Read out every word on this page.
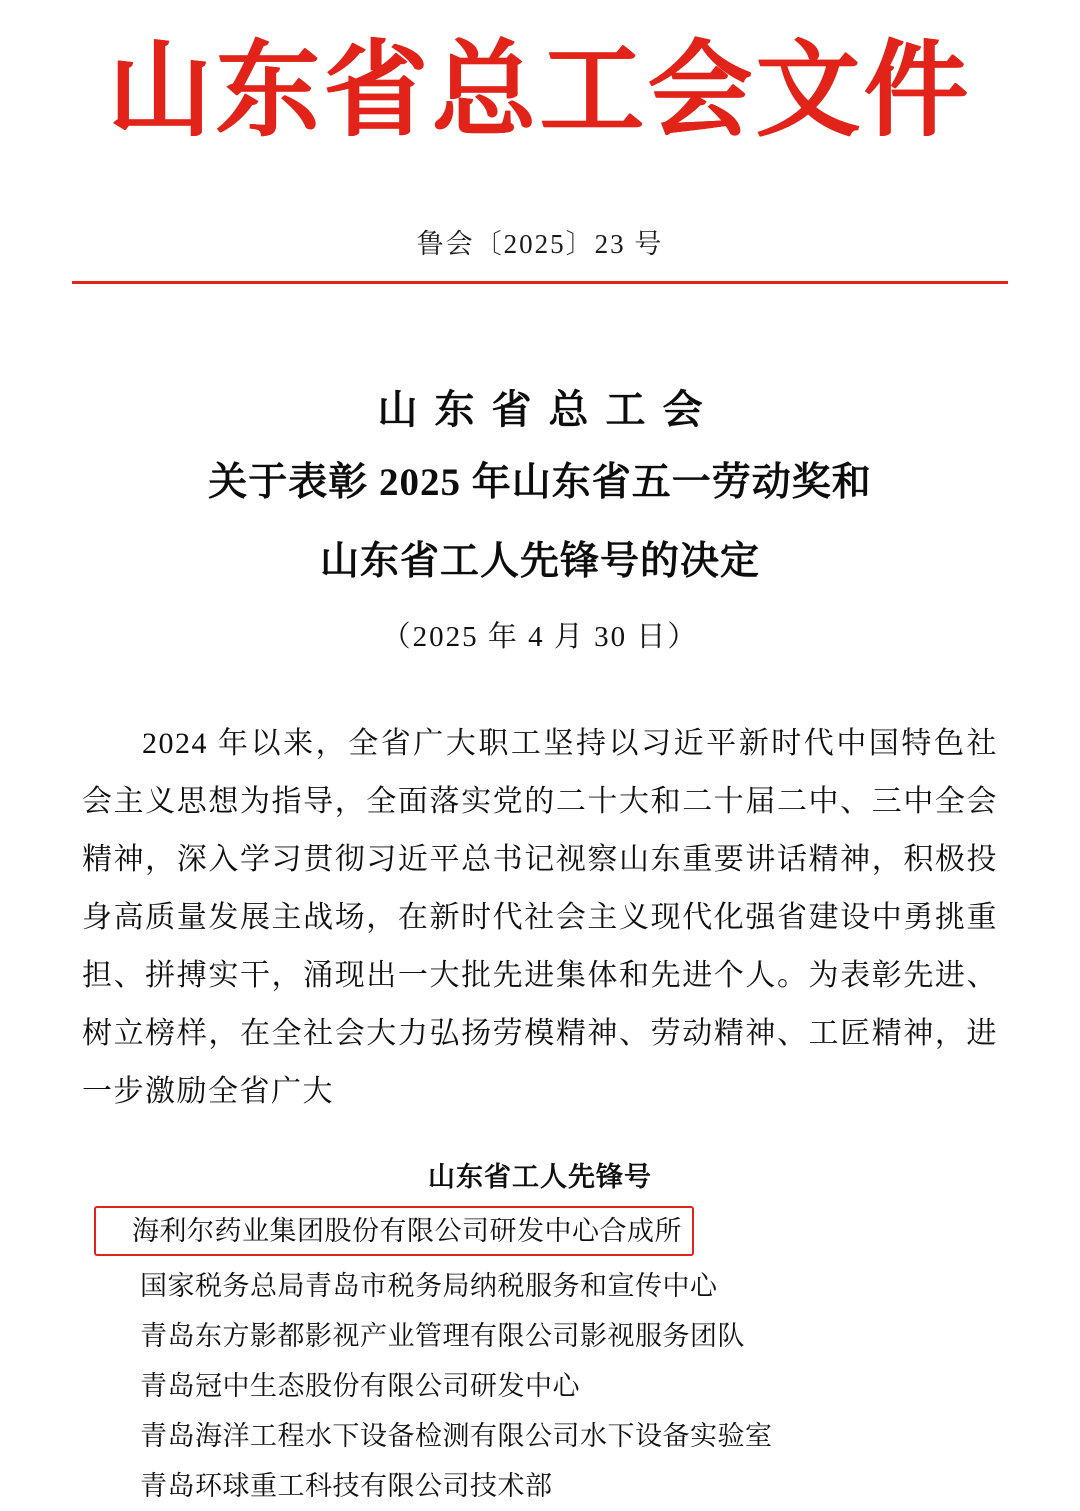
山东省总工会文件
鲁会〔2025〕23 号
山东省总工会
关于表彰 2025 年山东省五一劳动奖和
山东省工人先锋号的决定
（2025 年 4 月 30 日）

2024 年以来，全省广大职工坚持以习近平新时代中国特色社会主义思想为指导，全面落实党的二十大和二十届二中、三中全会精神，深入学习贯彻习近平总书记视察山东重要讲话精神，积极投身高质量发展主战场，在新时代社会主义现代化强省建设中勇挑重担、拼搏实干，涌现出一大批先进集体和先进个人。为表彰先进、树立榜样，在全社会大力弘扬劳模精神、劳动精神、工匠精神，进一步激励全省广大

山东省工人先锋号
海利尔药业集团股份有限公司研发中心合成所
国家税务总局青岛市税务局纳税服务和宣传中心
青岛东方影都影视产业管理有限公司影视服务团队
青岛冠中生态股份有限公司研发中心
青岛海洋工程水下设备检测有限公司水下设备实验室
青岛环球重工科技有限公司技术部
